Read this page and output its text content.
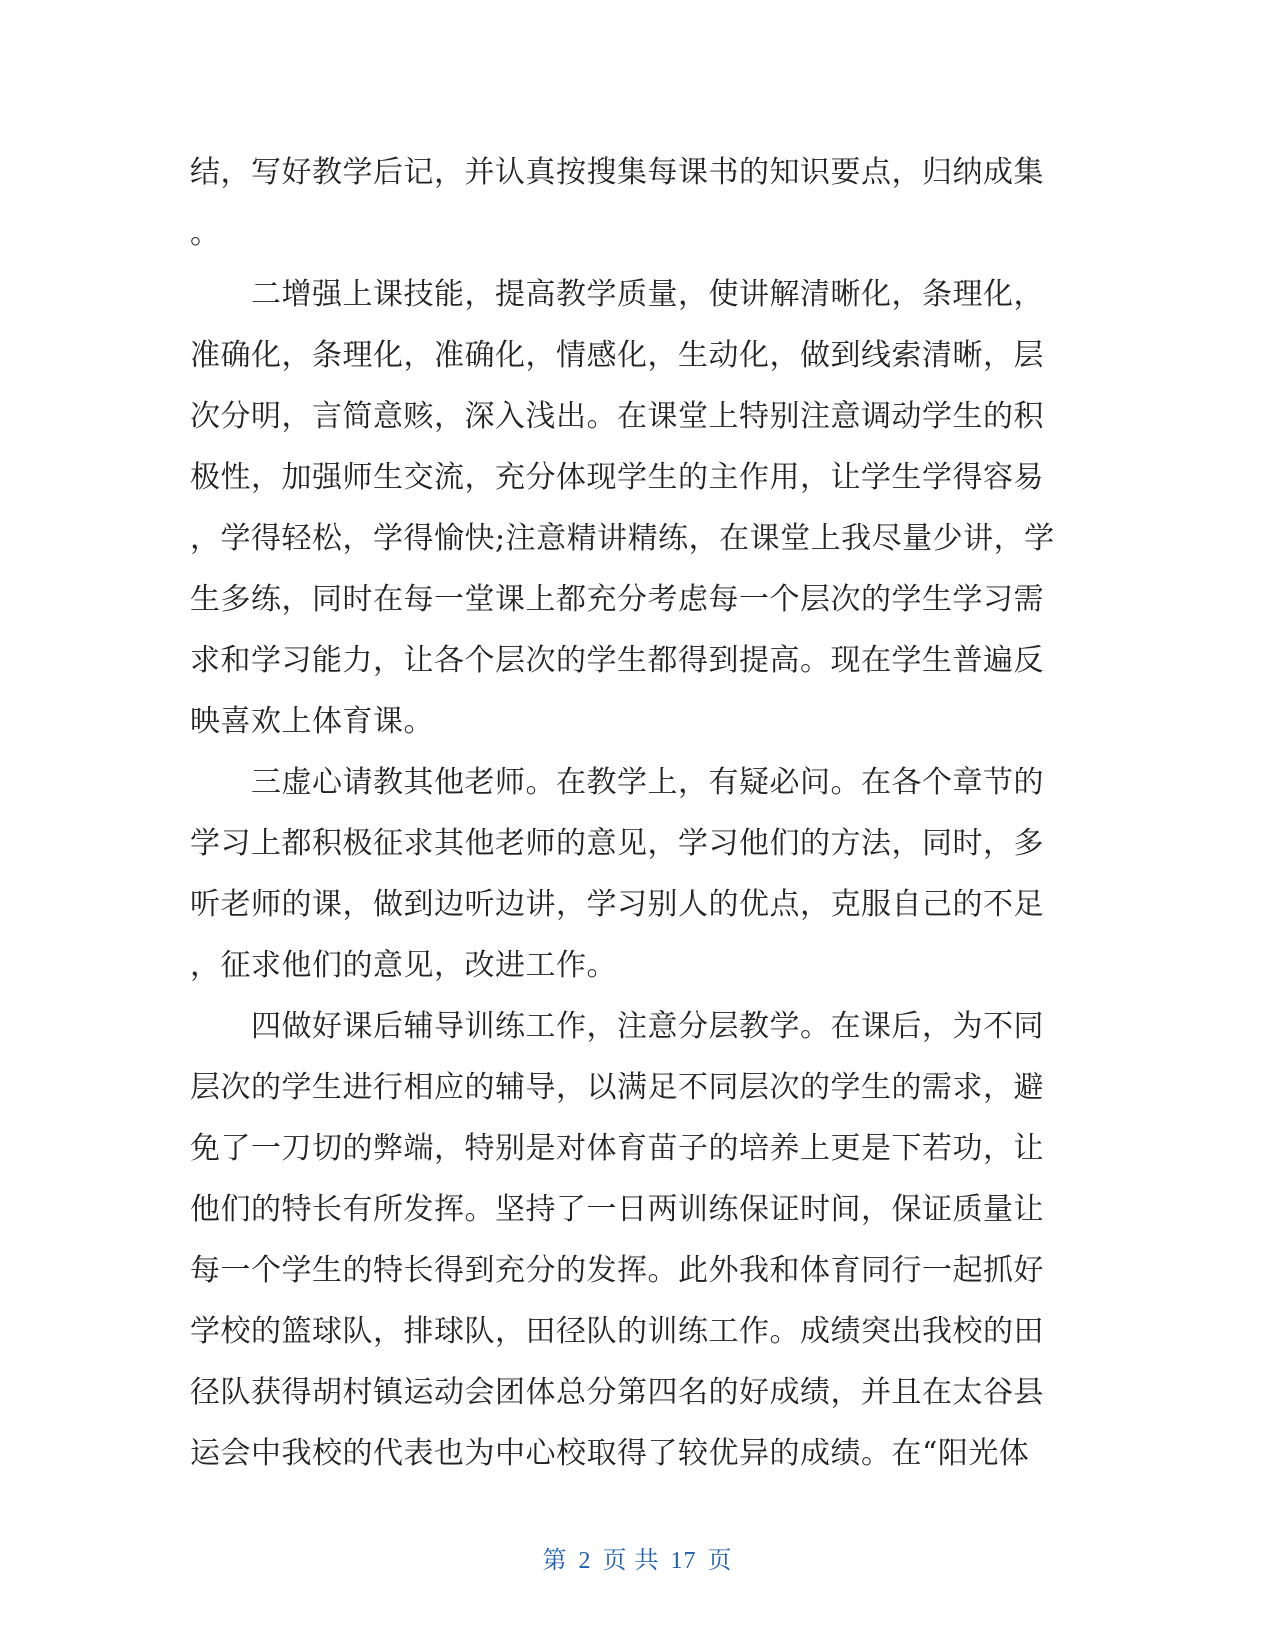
结，写好教学后记，并认真按搜集每课书的知识要点，归纳成集
。
　　二增强上课技能，提高教学质量，使讲解清晰化，条理化，
准确化，条理化，准确化，情感化，生动化，做到线索清晰，层
次分明，言简意赅，深入浅出。在课堂上特别注意调动学生的积
极性，加强师生交流，充分体现学生的主作用，让学生学得容易
，学得轻松，学得愉快;注意精讲精练，在课堂上我尽量少讲，学
生多练，同时在每一堂课上都充分考虑每一个层次的学生学习需
求和学习能力，让各个层次的学生都得到提高。现在学生普遍反
映喜欢上体育课。
　　三虚心请教其他老师。在教学上，有疑必问。在各个章节的
学习上都积极征求其他老师的意见，学习他们的方法，同时，多
听老师的课，做到边听边讲，学习别人的优点，克服自己的不足
，征求他们的意见，改进工作。
　　四做好课后辅导训练工作，注意分层教学。在课后，为不同
层次的学生进行相应的辅导，以满足不同层次的学生的需求，避
免了一刀切的弊端，特别是对体育苗子的培养上更是下若功，让
他们的特长有所发挥。坚持了一日两训练保证时间，保证质量让
每一个学生的特长得到充分的发挥。此外我和体育同行一起抓好
学校的篮球队，排球队，田径队的训练工作。成绩突出我校的田
径队获得胡村镇运动会团体总分第四名的好成绩，并且在太谷县
运会中我校的代表也为中心校取得了较优异的成绩。在“阳光体
第 2 页 共 17 页
